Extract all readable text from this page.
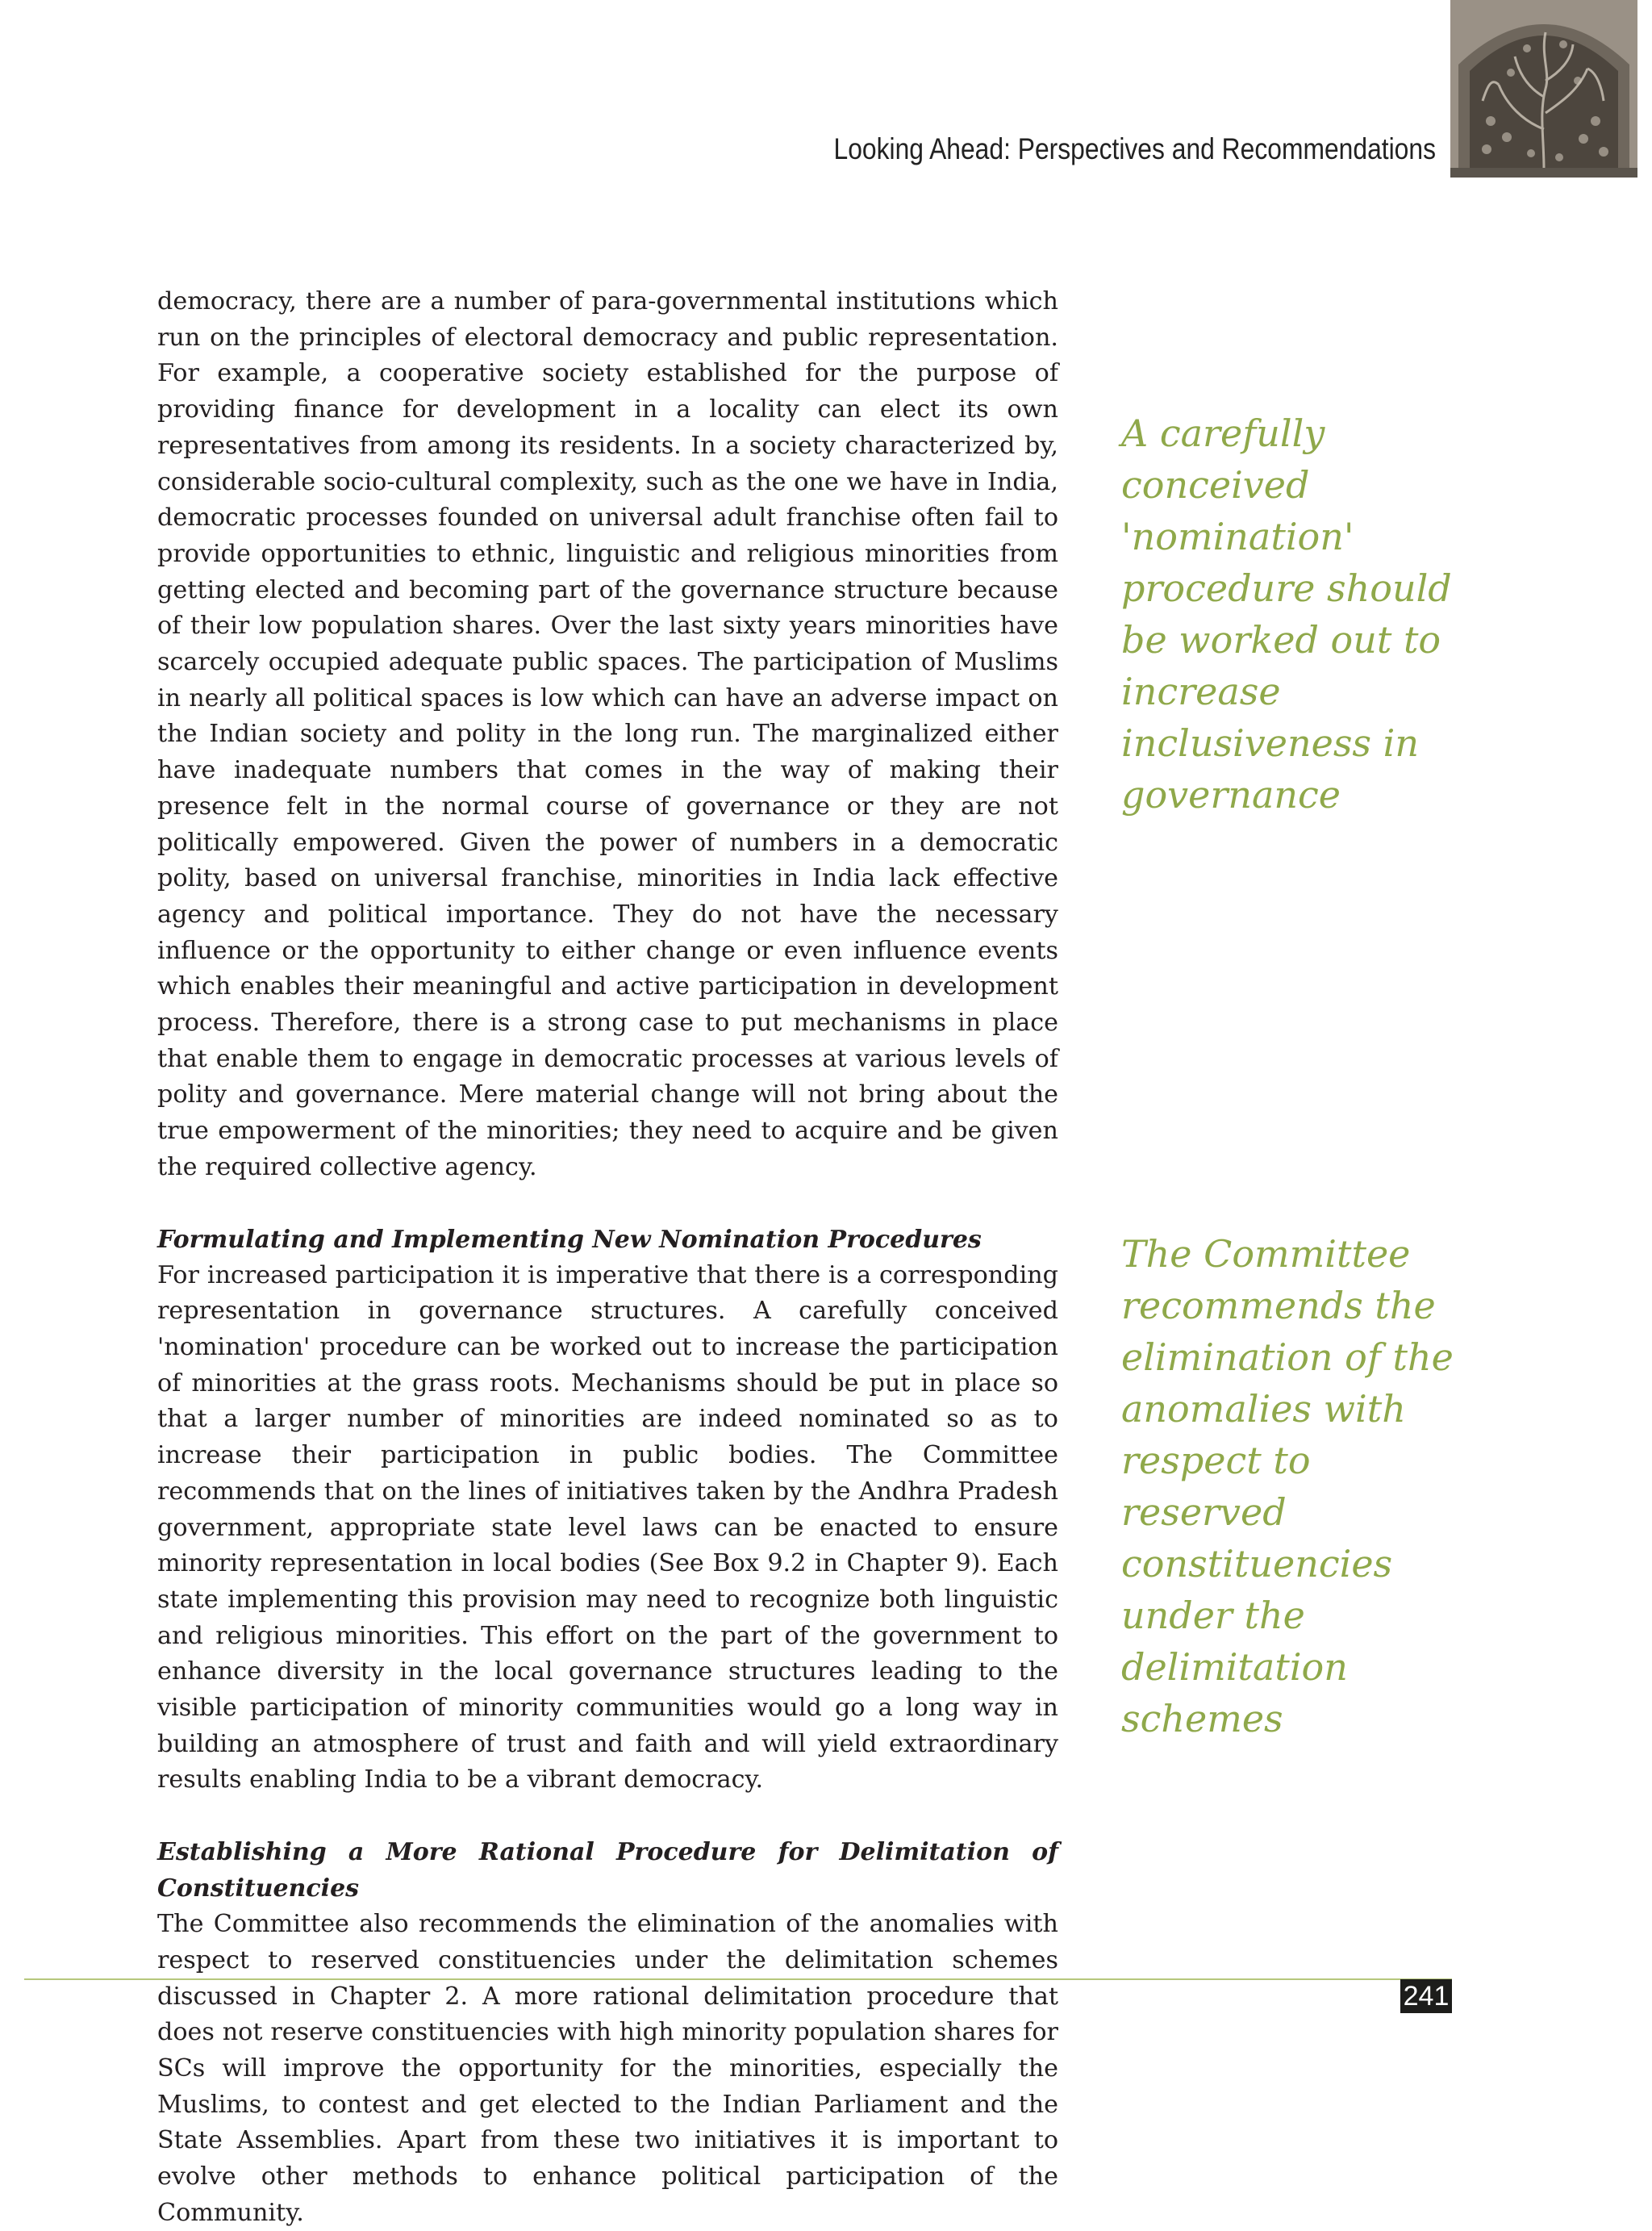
Looking Ahead: Perspectives and Recommendations

democracy, there are a number of para-governmental institutions which run on the principles of electoral democracy and public representation. For example, a cooperative society established for the purpose of providing finance for development in a locality can elect its own representatives from among its residents. In a society characterized by, considerable socio-cultural complexity, such as the one we have in India, democratic processes founded on universal adult franchise often fail to provide opportunities to ethnic, linguistic and religious minorities from getting elected and becoming part of the governance structure because of their low population shares. Over the last sixty years minorities have scarcely occupied adequate public spaces. The participation of Muslims in nearly all political spaces is low which can have an adverse impact on the Indian society and polity in the long run. The marginalized either have inadequate numbers that comes in the way of making their presence felt in the normal course of governance or they are not politically empowered. Given the power of numbers in a democratic polity, based on universal franchise, minorities in India lack effective agency and political importance. They do not have the necessary influence or the opportunity to either change or even influence events which enables their meaningful and active participation in development process. Therefore, there is a strong case to put mechanisms in place that enable them to engage in democratic processes at various levels of polity and governance. Mere material change will not bring about the true empowerment of the minorities; they need to acquire and be given the required collective agency.

Formulating and Implementing New Nomination Procedures

For increased participation it is imperative that there is a corresponding representation in governance structures. A carefully conceived 'nomination' procedure can be worked out to increase the participation of minorities at the grass roots. Mechanisms should be put in place so that a larger number of minorities are indeed nominated so as to increase their participation in public bodies. The Committee recommends that on the lines of initiatives taken by the Andhra Pradesh government, appropriate state level laws can be enacted to ensure minority representation in local bodies (See Box 9.2 in Chapter 9). Each state implementing this provision may need to recognize both linguistic and religious minorities. This effort on the part of the government to enhance diversity in the local governance structures leading to the visible participation of minority communities would go a long way in building an atmosphere of trust and faith and will yield extraordinary results enabling India to be a vibrant democracy.

Establishing a More Rational Procedure for Delimitation of Constituencies

The Committee also recommends the elimination of the anomalies with respect to reserved constituencies under the delimitation schemes discussed in Chapter 2. A more rational delimitation procedure that does not reserve constituencies with high minority population shares for SCs will improve the opportunity for the minorities, especially the Muslims, to contest and get elected to the Indian Parliament and the State Assemblies. Apart from these two initiatives it is important to evolve other methods to enhance political participation of the Community.

A carefully conceived 'nomination' procedure should be worked out to increase inclusiveness in governance
The Committee recommends the elimination of the anomalies with respect to reserved constituencies under the delimitation schemes
241
